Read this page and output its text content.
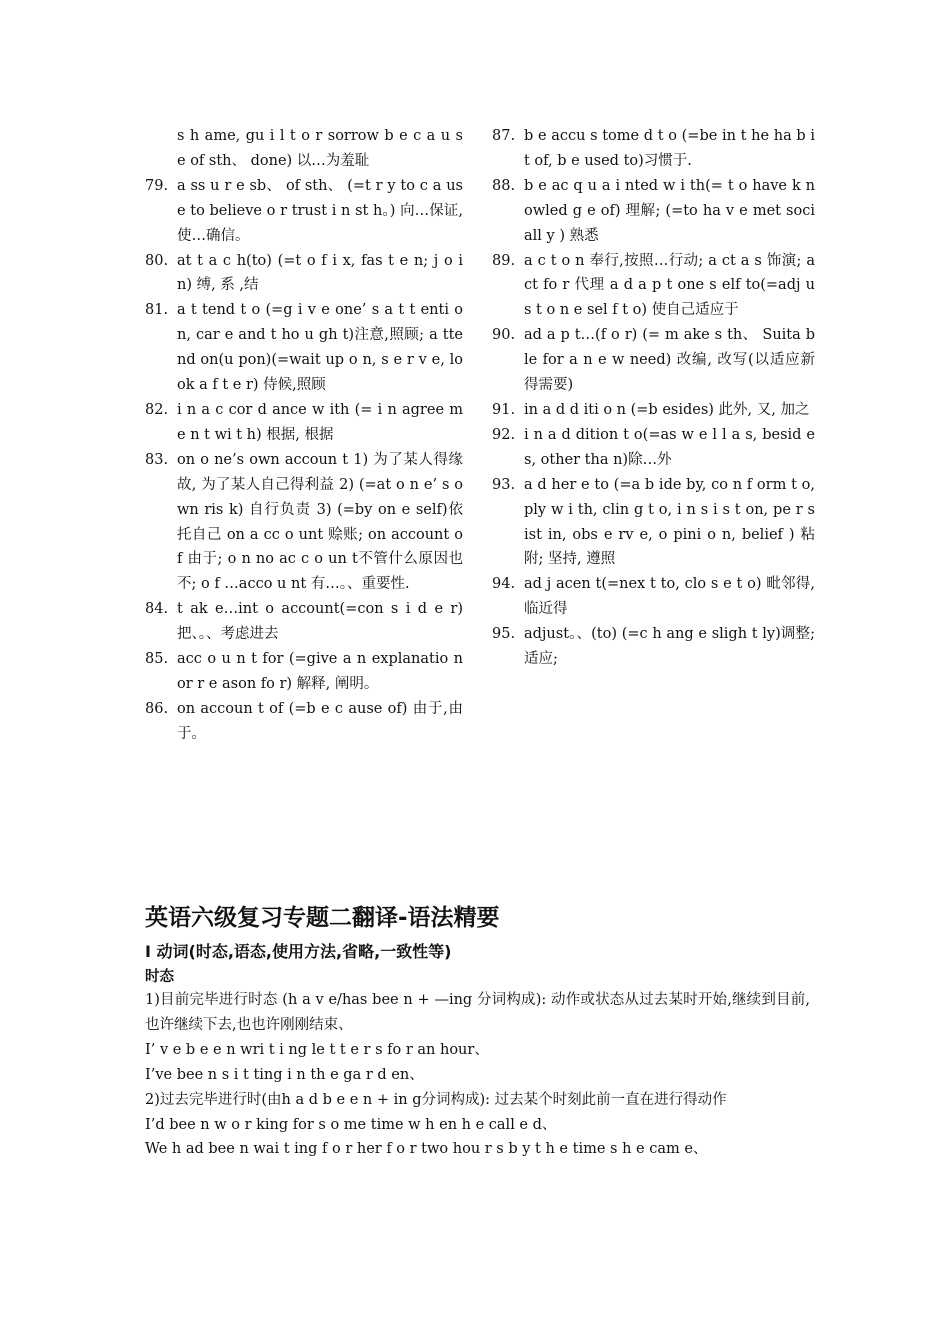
s h ame, gu i l t o r sorrow b e c a u s e of sth、 done) 以…为羞耻
79. a ss u r e sb、 of sth、 (=t r y to c a use to believe o r trust i n st h。) 向…保证, 使…确信。
80. at t a c h(to) (=t o f i x, fas t e n; j o i n) 缚, 系 ,结
81. a t tend t o (=g i v e one’ s a t t enti o n, car e and t ho u gh t)注意,照顾; a ttend on(u pon)(=wait up o n, s e r v e, look a f t e r) 侍候,照顾
82. i n a c cor d ance w ith (= i n agree m e n t wi t h) 根据, 根据
83. on o ne’s own accoun t 1) 为了某人得缘故, 为了某人自己得利益 2) (=at o n e’ s o wn ris k) 自行负责 3) (=by on e self)依托自己 on a cc o unt 赊账; on account o f 由于; o n no ac c o un t不管什么原因也不; o f …acco u nt 有…。、重要性.
84. t ak e…int o account(=con s i d e r)把、。、考虑进去
85. acc o u n t for (=give a n explanatio n or r e ason fo r) 解释, 阐明。
86. on accoun t of (=b e c ause of) 由于,由于。
87. b e accu s tome d t o (=be in t he ha b i t of, b e used to)习惯于.
88. b e ac q u a i nted w i th(= t o have k nowled g e of) 理解; (=to ha v e met sociall y ) 熟悉
89. a c t o n 奉行,按照…行动; a ct a s 饰演; act fo r 代理 a d a p t one s elf to(=adj u s t o n e sel f t o) 使自己适应于
90. ad a p t…(f o r) (= m ake s th、 Suita b le for a n e w need) 改编, 改写(以适应新得需要)
91. in a d d iti o n (=b esides) 此外, 又, 加之
92. i n a d dition t o(=as w e l l a s, besid e s, other tha n)除…外
93. a d her e to (=a b ide by, co n f orm t o, ply w i th, clin g t o, i n s i s t on, pe r s ist in, obs e rv e, o pini o n, belief ) 粘附; 坚持, 遵照
94. ad j acen t(=nex t to, clo s e t o) 毗邻得, 临近得
95. adjust。、(to) (=c h ang e sligh t ly)调整; 适应;
英语六级复习专题二翻译-语法精要
Ⅰ 动词(时态,语态,使用方法,省略,一致性等)
时态

1)目前完毕进行时态 (h a v e/has bee n + —ing 分词构成): 动作或状态从过去某时开始,继续到目前,也许继续下去,也也许刚刚结束、

I’ v e b e e n wri t i ng le t t e r s fo r an hour、

I’ve bee n s i t ting i n th e ga r d en、

2)过去完毕进行时(由h a d b e e n + in g分词构成): 过去某个时刻此前一直在进行得动作

I’d bee n w o r king for s o me time w h en h e call e d、

We h ad bee n wai t ing f o r her f o r two hou r s b y t h e time s h e cam e、
